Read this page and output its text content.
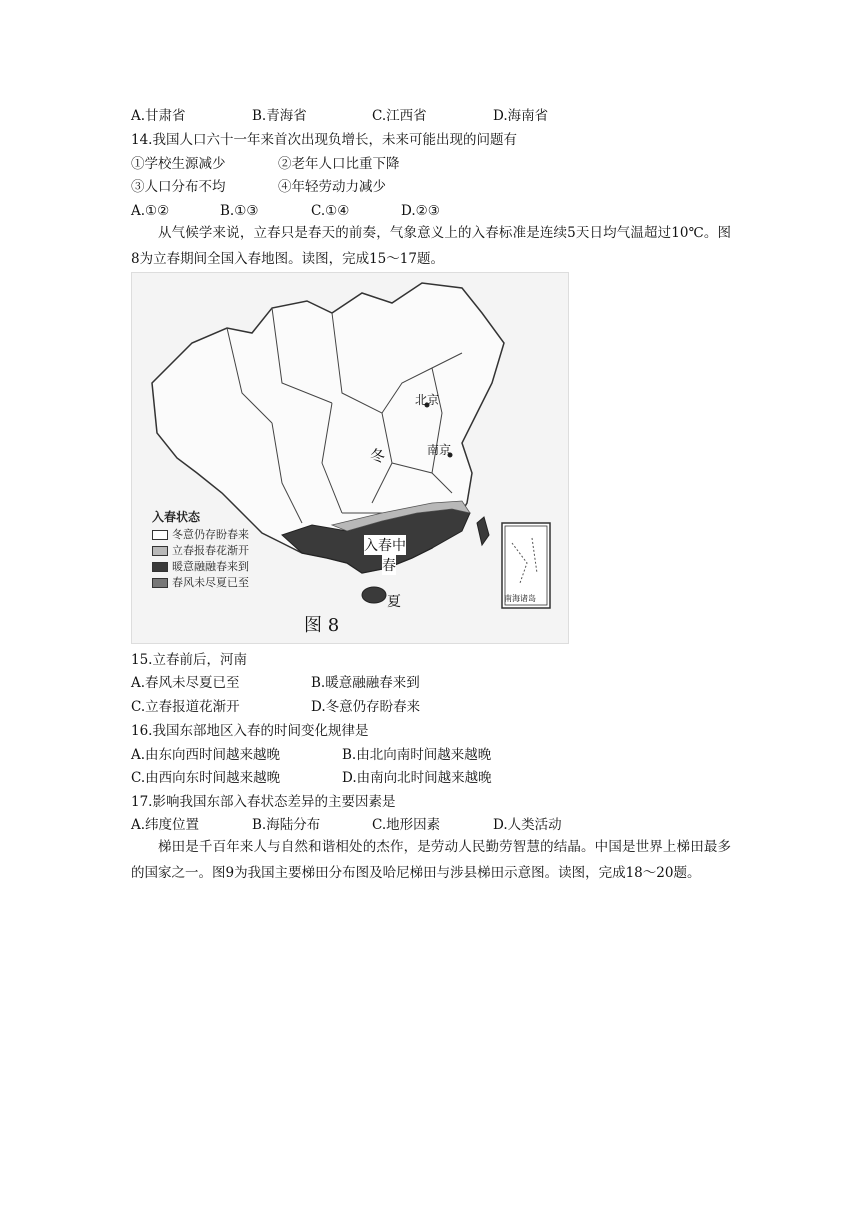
A.甘肃省	B.青海省	C.江西省	D.海南省
14.我国人口六十一年来首次出现负增长，未来可能出现的问题有
①学校生源减少	②老年人口比重下降
③人口分布不均	④年轻劳动力减少
A.①②	B.①③	C.①④	D.②③
从气候学来说，立春只是春天的前奏，气象意义上的入春标准是连续5天日均气温超过10℃。图8为立春期间全国入春地图。读图，完成15～17题。
北京
南京
冬
入春中
春
夏	南海诸岛
入春状态
冬意仍存盼春来
立春报春花渐开
暖意融融春来到
春风未尽夏已至
图 8
15.立春前后，河南
A.春风未尽夏已至	B.暖意融融春来到
C.立春报道花渐开	D.冬意仍存盼春来
16.我国东部地区入春的时间变化规律是
A.由东向西时间越来越晚	B.由北向南时间越来越晚
C.由西向东时间越来越晚	D.由南向北时间越来越晚
17.影响我国东部入春状态差异的主要因素是
A.纬度位置	B.海陆分布	C.地形因素	D.人类活动
梯田是千百年来人与自然和谐相处的杰作，是劳动人民勤劳智慧的结晶。中国是世界上梯田最多的国家之一。图9为我国主要梯田分布图及哈尼梯田与涉县梯田示意图。读图，完成18～20题。
